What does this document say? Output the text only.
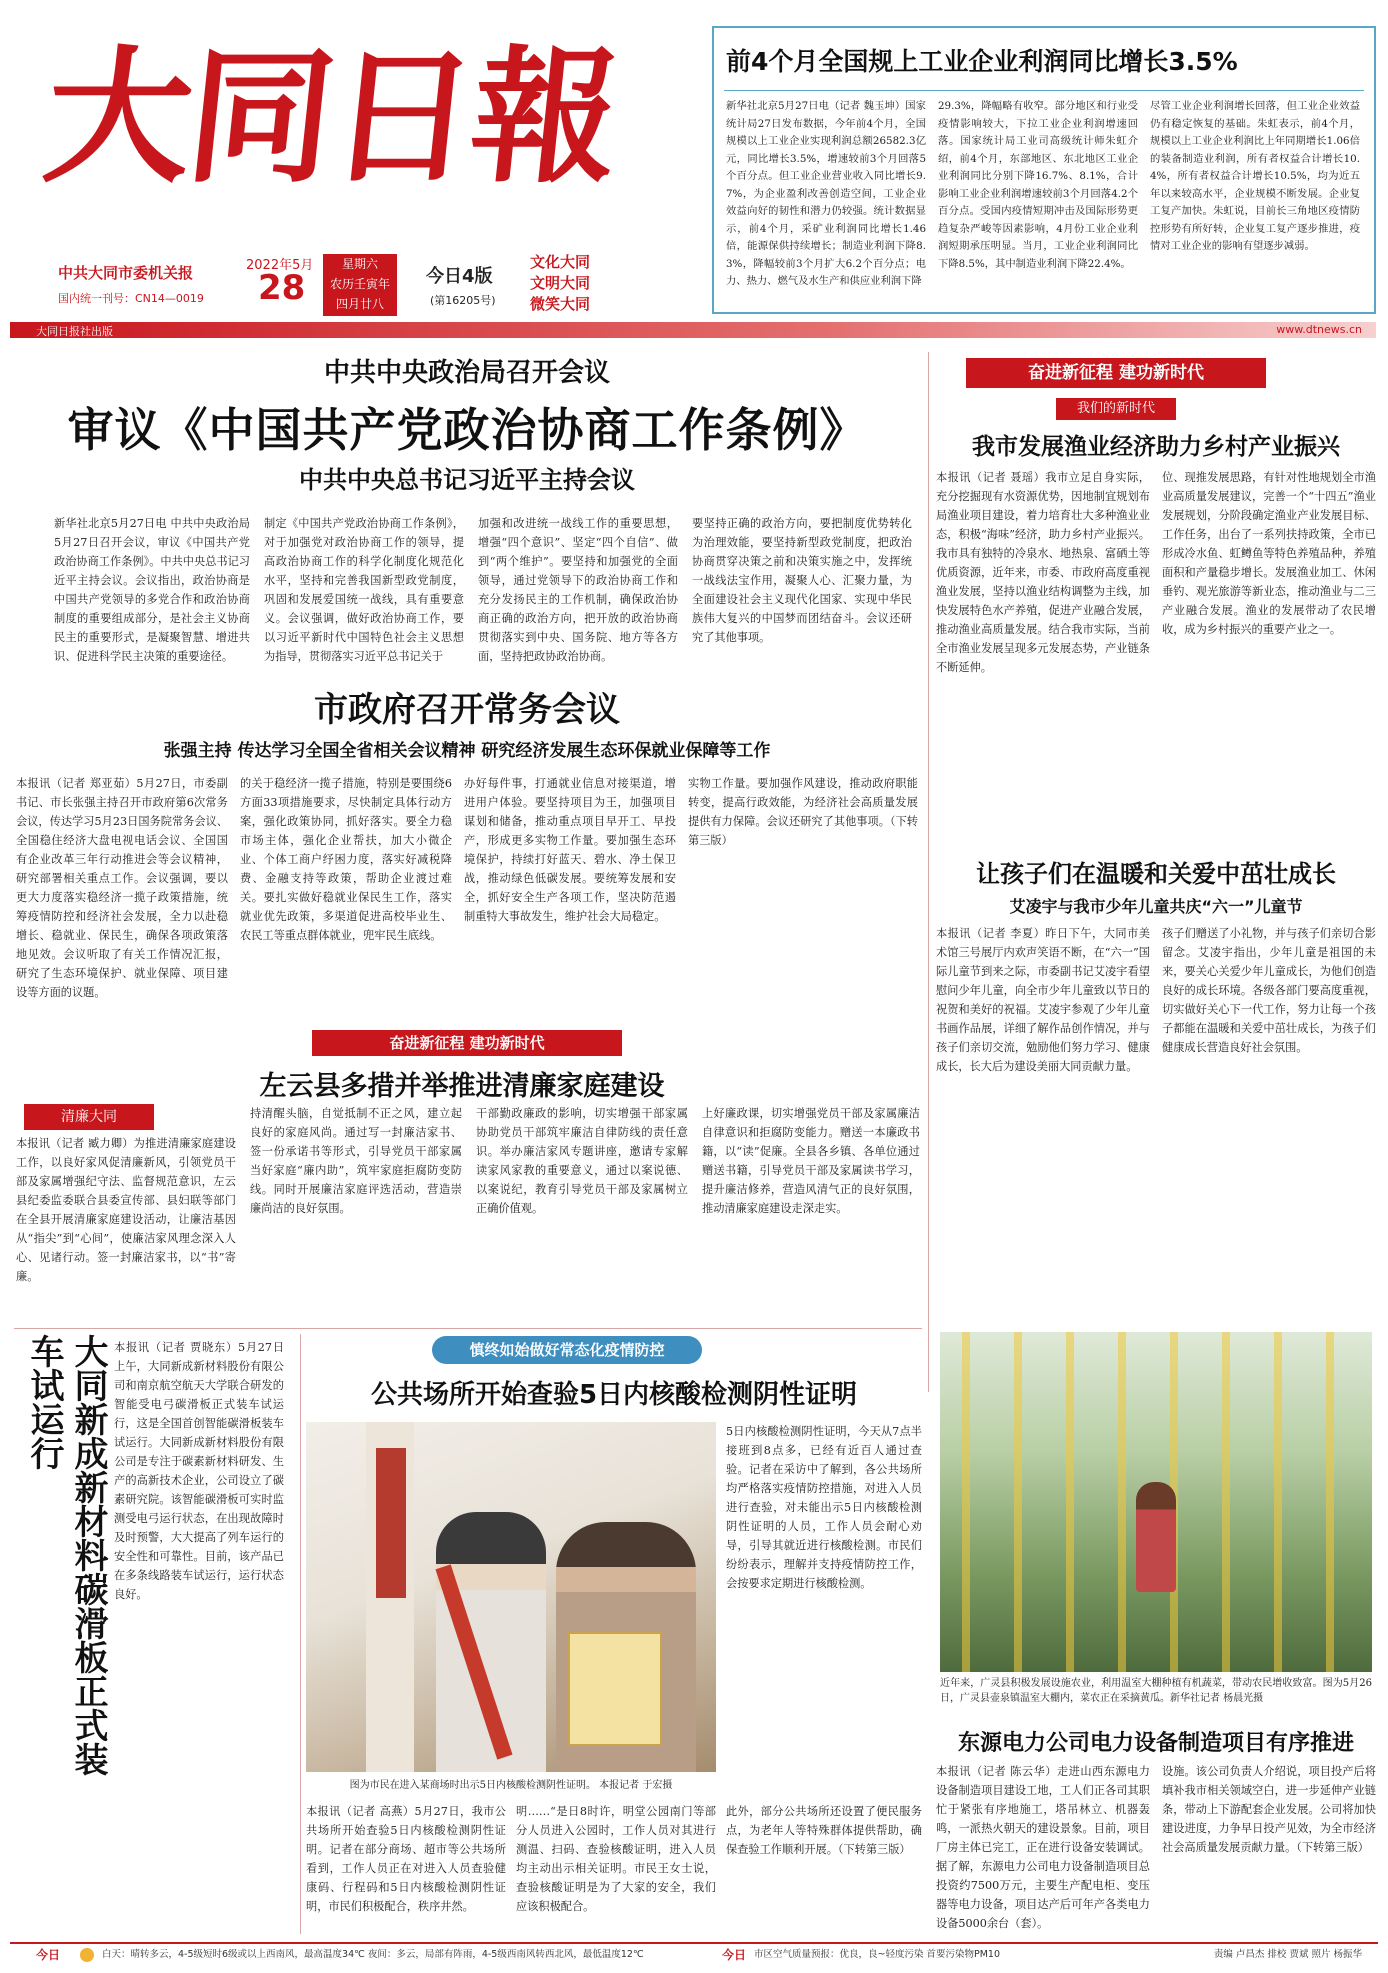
大同日報
中共大同市委机关报
国内统一刊号：CN14—0019
2022年5月
28
星期六
农历壬寅年
四月廿八
今日4版
(第16205号)
文化大同
文明大同
微笑大同
大同日报社出版	www.dtnews.cn
前4个月全国规上工业企业利润同比增长3.5%
新华社北京5月27日电（记者 魏玉坤）国家统计局27日发布数据，今年前4个月，全国规模以上工业企业实现利润总额26582.3亿元，同比增长3.5%，增速较前3个月回落5个百分点。但工业企业营业收入同比增长9.7%，为企业盈利改善创造空间，工业企业效益向好的韧性和潜力仍较强。统计数据显示，前4个月，采矿业利润同比增长1.46倍，能源保供持续增长；制造业利润下降8.3%，降幅较前3个月扩大6.2个百分点；电力、热力、燃气及水生产和供应业利润下降
29.3%，降幅略有收窄。部分地区和行业受疫情影响较大，下拉工业企业利润增速回落。国家统计局工业司高级统计师朱虹介绍，前4个月，东部地区、东北地区工业企业利润同比分别下降16.7%、8.1%，合计影响工业企业利润增速较前3个月回落4.2个百分点。受国内疫情短期冲击及国际形势更趋复杂严峻等因素影响，4月份工业企业利润短期承压明显。当月，工业企业利润同比下降8.5%，其中制造业利润下降22.4%。
尽管工业企业利润增长回落，但工业企业效益仍有稳定恢复的基础。朱虹表示，前4个月，规模以上工业企业利润比上年同期增长1.06倍的装备制造业利润，所有者权益合计增长10.4%，所有者权益合计增长10.5%，均为近五年以来较高水平，企业规模不断发展。企业复工复产加快。朱虹说，目前长三角地区疫情防控形势有所好转，企业复工复产逐步推进，疫情对工业企业的影响有望逐步减弱。
中共中央政治局召开会议
审议《中国共产党政治协商工作条例》
中共中央总书记习近平主持会议
新华社北京5月27日电 中共中央政治局5月27日召开会议，审议《中国共产党政治协商工作条例》。中共中央总书记习近平主持会议。会议指出，政治协商是中国共产党领导的多党合作和政治协商制度的重要组成部分，是社会主义协商民主的重要形式，是凝聚智慧、增进共识、促进科学民主决策的重要途径。
制定《中国共产党政治协商工作条例》，对于加强党对政治协商工作的领导，提高政治协商工作的科学化制度化规范化水平，坚持和完善我国新型政党制度，巩固和发展爱国统一战线，具有重要意义。会议强调，做好政治协商工作，要以习近平新时代中国特色社会主义思想为指导，贯彻落实习近平总书记关于
加强和改进统一战线工作的重要思想，增强“四个意识”、坚定“四个自信”、做到“两个维护”。要坚持和加强党的全面领导，通过党领导下的政治协商工作和充分发扬民主的工作机制，确保政治协商正确的政治方向，把开放的政治协商贯彻落实到中央、国务院、地方等各方面，坚持把政协政治协商。
要坚持正确的政治方向，要把制度优势转化为治理效能，要坚持新型政党制度，把政治协商贯穿决策之前和决策实施之中，发挥统一战线法宝作用，凝聚人心、汇聚力量，为全面建设社会主义现代化国家、实现中华民族伟大复兴的中国梦而团结奋斗。会议还研究了其他事项。
市政府召开常务会议
张强主持 传达学习全国全省相关会议精神 研究经济发展生态环保就业保障等工作
本报讯（记者 郑亚茹）5月27日，市委副书记、市长张强主持召开市政府第6次常务会议，传达学习5月23日国务院常务会议、全国稳住经济大盘电视电话会议、全国国有企业改革三年行动推进会等会议精神，研究部署相关重点工作。会议强调，要以更大力度落实稳经济一揽子政策措施，统筹疫情防控和经济社会发展，全力以赴稳增长、稳就业、保民生，确保各项政策落地见效。会议听取了有关工作情况汇报，研究了生态环境保护、就业保障、项目建设等方面的议题。
的关于稳经济一揽子措施，特别是要围绕6方面33项措施要求，尽快制定具体行动方案，强化政策协同，抓好落实。要全力稳市场主体，强化企业帮扶，加大小微企业、个体工商户纾困力度，落实好减税降费、金融支持等政策，帮助企业渡过难关。要扎实做好稳就业保民生工作，落实就业优先政策，多渠道促进高校毕业生、农民工等重点群体就业，兜牢民生底线。
办好每件事，打通就业信息对接渠道，增进用户体验。要坚持项目为王，加强项目谋划和储备，推动重点项目早开工、早投产，形成更多实物工作量。要加强生态环境保护，持续打好蓝天、碧水、净土保卫战，推动绿色低碳发展。要统筹发展和安全，抓好安全生产各项工作，坚决防范遏制重特大事故发生，维护社会大局稳定。
实物工作量。要加强作风建设，推动政府职能转变，提高行政效能，为经济社会高质量发展提供有力保障。会议还研究了其他事项。（下转第三版）
奋进新征程 建功新时代
左云县多措并举推进清廉家庭建设
清廉大同
本报讯（记者 臧力卿）为推进清廉家庭建设工作，以良好家风促清廉新风，引领党员干部及家属增强纪守法、监督规范意识，左云县纪委监委联合县委宣传部、县妇联等部门在全县开展清廉家庭建设活动，让廉洁基因从“指尖”到“心间”，使廉洁家风理念深入人心、见诸行动。签一封廉洁家书，以“书”寄廉。
持清醒头脑，自觉抵制不正之风，建立起良好的家庭风尚。通过写一封廉洁家书、签一份承诺书等形式，引导党员干部家属当好家庭“廉内助”，筑牢家庭拒腐防变防线。同时开展廉洁家庭评选活动，营造崇廉尚洁的良好氛围。
干部勤政廉政的影响，切实增强干部家属协助党员干部筑牢廉洁自律防线的责任意识。举办廉洁家风专题讲座，邀请专家解读家风家教的重要意义，通过以案说德、以案说纪，教育引导党员干部及家属树立正确价值观。
上好廉政课，切实增强党员干部及家属廉洁自律意识和拒腐防变能力。赠送一本廉政书籍，以“读”促廉。全县各乡镇、各单位通过赠送书籍，引导党员干部及家属读书学习，提升廉洁修养，营造风清气正的良好氛围，推动清廉家庭建设走深走实。
大同新成新材料碳滑板正式装车试运行	本报讯（记者 贾晓东）5月27日上午，大同新成新材料股份有限公司和南京航空航天大学联合研发的智能受电弓碳滑板正式装车试运行，这是全国首创智能碳滑板装车试运行。大同新成新材料股份有限公司是专注于碳素新材料研发、生产的高新技术企业，公司设立了碳素研究院。该智能碳滑板可实时监测受电弓运行状态，在出现故障时及时预警，大大提高了列车运行的安全性和可靠性。目前，该产品已在多条线路装车试运行，运行状态良好。
慎终如始做好常态化疫情防控
公共场所开始查验5日内核酸检测阴性证明
图为市民在进入某商场时出示5日内核酸检测阴性证明。 本报记者 于宏摄
本报讯（记者 高燕）5月27日，我市公共场所开始查验5日内核酸检测阴性证明。记者在部分商场、超市等公共场所看到，工作人员正在对进入人员查验健康码、行程码和5日内核酸检测阴性证明，市民们积极配合，秩序井然。
明……“是日8时许，明堂公园南门等部分人员进入公园时，工作人员对其进行测温、扫码、查验核酸证明，进入人员均主动出示相关证明。市民王女士说，查验核酸证明是为了大家的安全，我们应该积极配合。
5日内核酸检测阴性证明，今天从7点半接班到8点多，已经有近百人通过查验。记者在采访中了解到，各公共场所均严格落实疫情防控措施，对进入人员进行查验，对未能出示5日内核酸检测阴性证明的人员，工作人员会耐心劝导，引导其就近进行核酸检测。市民们纷纷表示，理解并支持疫情防控工作，会按要求定期进行核酸检测。
此外，部分公共场所还设置了便民服务点，为老年人等特殊群体提供帮助，确保查验工作顺利开展。（下转第三版）
奋进新征程 建功新时代
我们的新时代
我市发展渔业经济助力乡村产业振兴
本报讯（记者 聂瑶）我市立足自身实际，充分挖掘现有水资源优势，因地制宜规划布局渔业项目建设，着力培育壮大多种渔业业态，积极“海味”经济，助力乡村产业振兴。我市具有独特的冷泉水、地热泉、富硒土等优质资源，近年来，市委、市政府高度重视渔业发展，坚持以渔业结构调整为主线，加快发展特色水产养殖，促进产业融合发展，推动渔业高质量发展。结合我市实际，当前全市渔业发展呈现多元发展态势，产业链条不断延伸。
位、现推发展思路，有针对性地规划全市渔业高质量发展建议，完善一个“十四五”渔业发展规划，分阶段确定渔业产业发展目标、工作任务，出台了一系列扶持政策，全市已形成冷水鱼、虹鳟鱼等特色养殖品种，养殖面积和产量稳步增长。发展渔业加工、休闲垂钓、观光旅游等新业态，推动渔业与二三产业融合发展。渔业的发展带动了农民增收，成为乡村振兴的重要产业之一。
让孩子们在温暖和关爱中茁壮成长
艾凌宇与我市少年儿童共庆“六一”儿童节
本报讯（记者 李夏）昨日下午，大同市美术馆三号展厅内欢声笑语不断，在“六一”国际儿童节到来之际，市委副书记艾凌宇看望慰问少年儿童，向全市少年儿童致以节日的祝贺和美好的祝福。艾凌宇参观了少年儿童书画作品展，详细了解作品创作情况，并与孩子们亲切交流，勉励他们努力学习、健康成长，长大后为建设美丽大同贡献力量。
孩子们赠送了小礼物，并与孩子们亲切合影留念。艾凌宇指出，少年儿童是祖国的未来，要关心关爱少年儿童成长，为他们创造良好的成长环境。各级各部门要高度重视，切实做好关心下一代工作，努力让每一个孩子都能在温暖和关爱中茁壮成长，为孩子们健康成长营造良好社会氛围。
近年来，广灵县积极发展设施农业，利用温室大棚种植有机蔬菜，带动农民增收致富。图为5月26日，广灵县壶泉镇温室大棚内，菜农正在采摘黄瓜。新华社记者 杨晨光摄
东源电力公司电力设备制造项目有序推进
本报讯（记者 陈云华）走进山西东源电力设备制造项目建设工地，工人们正各司其职忙于紧张有序地施工，塔吊林立、机器轰鸣，一派热火朝天的建设景象。目前，项目厂房主体已完工，正在进行设备安装调试。据了解，东源电力公司电力设备制造项目总投资约7500万元，主要生产配电柜、变压器等电力设备，项目达产后可年产各类电力设备5000余台（套）。
设施。该公司负责人介绍说，项目投产后将填补我市相关领域空白，进一步延伸产业链条，带动上下游配套企业发展。公司将加快建设进度，力争早日投产见效，为全市经济社会高质量发展贡献力量。（下转第三版）
今日	白天：晴转多云，4-5级短时6级或以上西南风，最高温度34℃ 夜间：多云，局部有阵雨，4-5级西南风转西北风，最低温度12℃	今日 市区空气质量预报：优良，良~轻度污染 首要污染物PM10	责编 卢昌杰 排校 贾斌 照片 杨振华
